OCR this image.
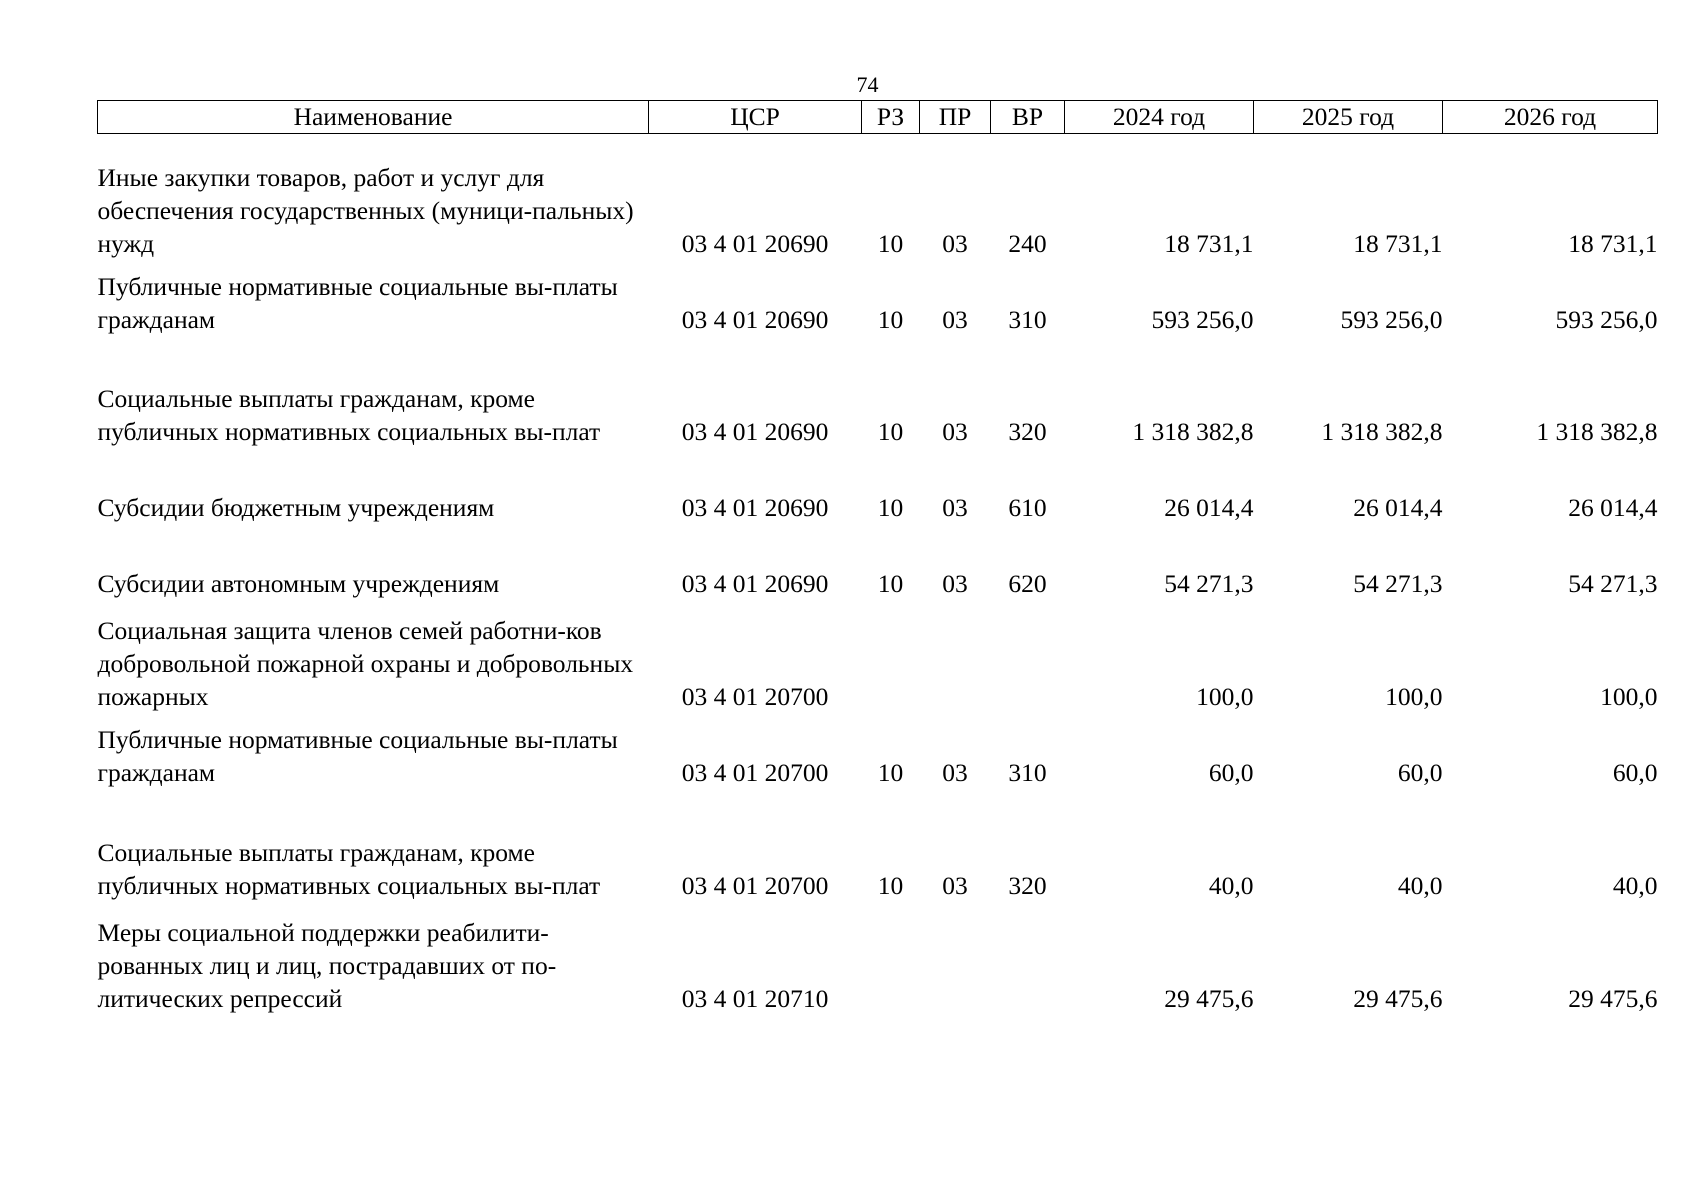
74
Наименование	ЦСР	РЗ	ПР	ВР	2024 год	2025 год	2026 год

Иные закупки товаров, работ и услуг для обеспечения государственных (муници-пальных) нужд	03 4 01 20690	10	03	240	18 731,1	18 731,1	18 731,1
Публичные нормативные социальные вы-платы гражданам	03 4 01 20690	10	03	310	593 256,0	593 256,0	593 256,0
Социальные выплаты гражданам, кроме публичных нормативных социальных вы-плат	03 4 01 20690	10	03	320	1 318 382,8	1 318 382,8	1 318 382,8
Субсидии бюджетным учреждениям	03 4 01 20690	10	03	610	26 014,4	26 014,4	26 014,4
Субсидии автономным учреждениям	03 4 01 20690	10	03	620	54 271,3	54 271,3	54 271,3
Социальная защита членов семей работни-ков добровольной пожарной охраны и добровольных пожарных	03 4 01 20700				100,0	100,0	100,0
Публичные нормативные социальные вы-платы гражданам	03 4 01 20700	10	03	310	60,0	60,0	60,0
Социальные выплаты гражданам, кроме публичных нормативных социальных вы-плат	03 4 01 20700	10	03	320	40,0	40,0	40,0
Меры социальной поддержки реабилити-рованных лиц и лиц, пострадавших от по-литических репрессий	03 4 01 20710				29 475,6	29 475,6	29 475,6
